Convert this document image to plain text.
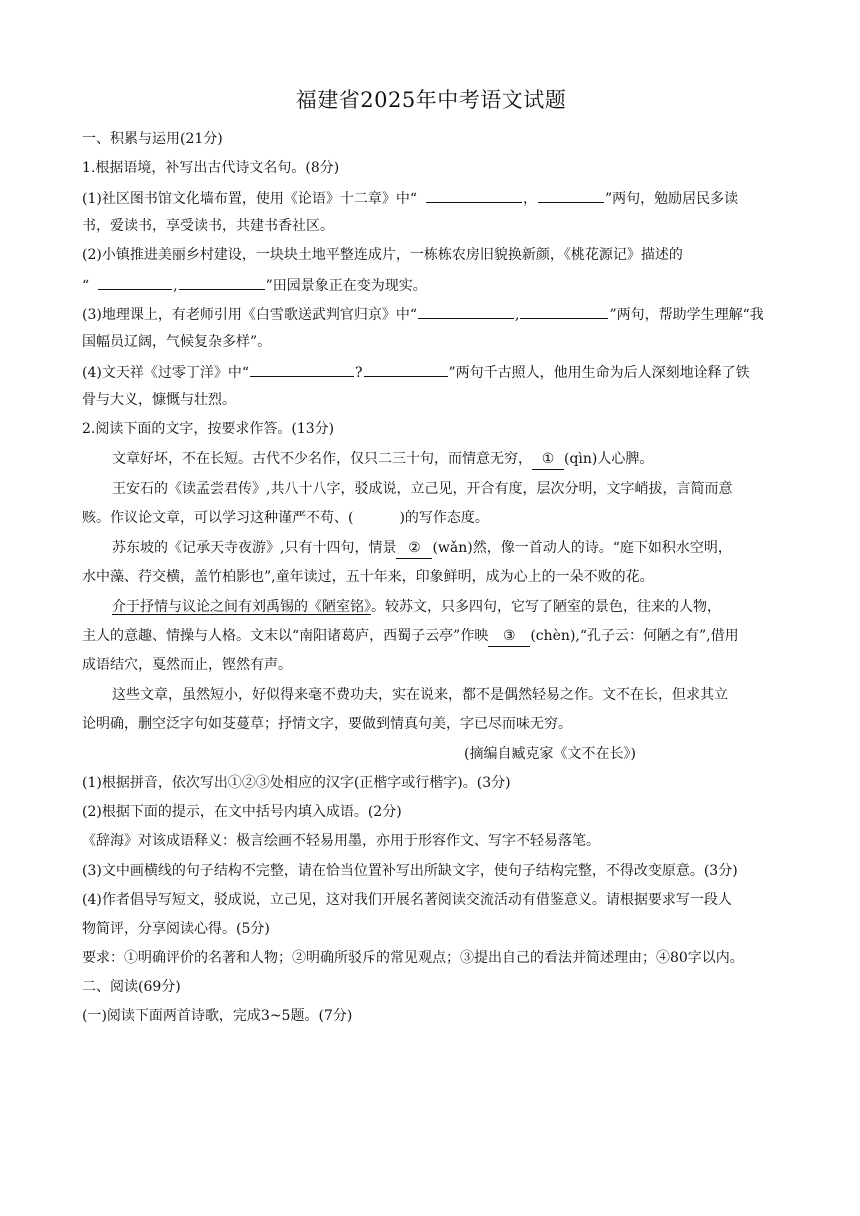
福建省2025年中考语文试题
一、积累与运用(21分)
1.根据语境，补写出古代诗文名句。(8分)
(1)社区图书馆文化墙布置，使用《论语》十二章》中“	，	”两句，勉励居民多读
书，爱读书，享受读书，共建书香社区。
(2)小镇推进美丽乡村建设，一块块土地平整连成片，一栋栋农房旧貌换新颜，《桃花源记》描述的
“	,	”田园景象正在变为现实。
(3)地理课上，有老师引用《白雪歌送武判官归京》中“	,	”两句，帮助学生理解“我
国幅员辽阔，气候复杂多样”。
(4)文天祥《过零丁洋》中“	?	”两句千古照人，他用生命为后人深刻地诠释了铁
骨与大义，慷慨与壮烈。
2.阅读下面的文字，按要求作答。(13分)
文章好坏，不在长短。古代不少名作，仅只二三十句，而情意无穷， ① (qìn)人心脾。
王安石的《读孟尝君传》,共八十八字，驳成说，立己见，开合有度，层次分明，文字峭拔，言简而意
赅。作议论文章，可以学习这种谨严不苟、(	)的写作态度。
苏东坡的《记承天寺夜游》,只有十四句，情景 ② (wǎn)然，像一首动人的诗。“庭下如积水空明，
水中藻、荇交横，盖竹柏影也”,童年读过，五十年来，印象鲜明，成为心上的一朵不败的花。
介于抒情与议论之间有刘禹锡的《陋室铭》。较苏文，只多四句，它写了陋室的景色，往来的人物，
主人的意趣、情操与人格。文末以“南阳诸葛庐，西蜀子云亭”作映 ③ (chèn),“孔子云：何陋之有”,借用
成语结穴，戛然而止，铿然有声。
这些文章，虽然短小，好似得来毫不费功夫，实在说来，都不是偶然轻易之作。文不在长，但求其立
论明确，删空泛字句如芟蔓草；抒情文字，要做到情真句美，字已尽而味无穷。
(摘编自臧克家《文不在长》)
(1)根据拼音，依次写出①②③处相应的汉字(正楷字或行楷字)。(3分)
(2)根据下面的提示，在文中括号内填入成语。(2分)
《辞海》对该成语释义：极言绘画不轻易用墨，亦用于形容作文、写字不轻易落笔。
(3)文中画横线的句子结构不完整，请在恰当位置补写出所缺文字，使句子结构完整，不得改变原意。(3分)
(4)作者倡导写短文，驳成说，立己见，这对我们开展名著阅读交流活动有借鉴意义。请根据要求写一段人
物简评，分享阅读心得。(5分)
要求：①明确评价的名著和人物；②明确所驳斥的常见观点；③提出自己的看法并简述理由；④80字以内。
二、阅读(69分)
(一)阅读下面两首诗歌，完成3~5题。(7分)
